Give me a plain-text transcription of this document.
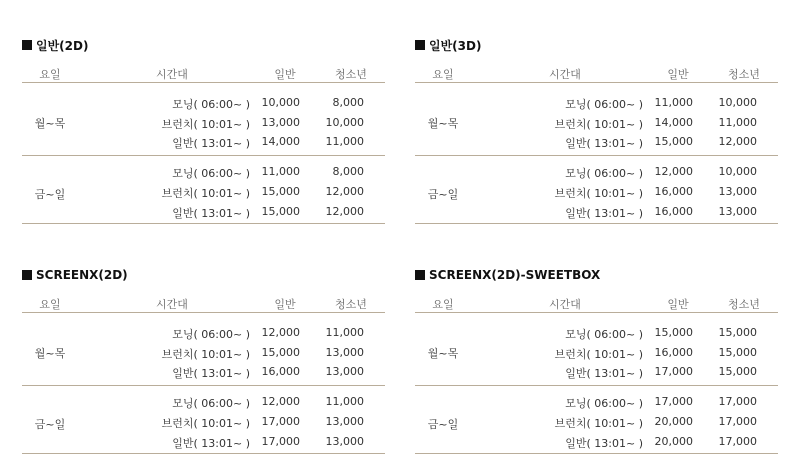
일반(2D)
요일	시간대	일반	청소년
월~목
모닝( 06:00~ )	10,000	8,000
브런치( 10:01~ )	13,000	10,000
일반( 13:01~ )	14,000	11,000
금~일
모닝( 06:00~ )	11,000	8,000
브런치( 10:01~ )	15,000	12,000
일반( 13:01~ )	15,000	12,000
일반(3D)
요일	시간대	일반	청소년
월~목
모닝( 06:00~ )	11,000	10,000
브런치( 10:01~ )	14,000	11,000
일반( 13:01~ )	15,000	12,000
금~일
모닝( 06:00~ )	12,000	10,000
브런치( 10:01~ )	16,000	13,000
일반( 13:01~ )	16,000	13,000
SCREENX(2D)
요일	시간대	일반	청소년
월~목
모닝( 06:00~ )	12,000	11,000
브런치( 10:01~ )	15,000	13,000
일반( 13:01~ )	16,000	13,000
금~일
모닝( 06:00~ )	12,000	11,000
브런치( 10:01~ )	17,000	13,000
일반( 13:01~ )	17,000	13,000
SCREENX(2D)-SWEETBOX
요일	시간대	일반	청소년
월~목
모닝( 06:00~ )	15,000	15,000
브런치( 10:01~ )	16,000	15,000
일반( 13:01~ )	17,000	15,000
금~일
모닝( 06:00~ )	17,000	17,000
브런치( 10:01~ )	20,000	17,000
일반( 13:01~ )	20,000	17,000
